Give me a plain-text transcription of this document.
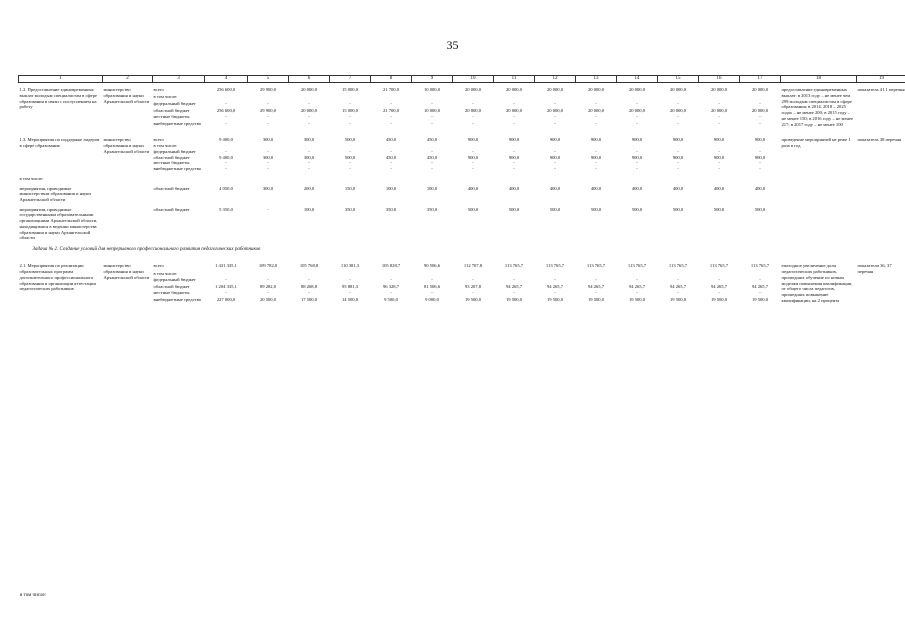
35
1	2	3	4	5	6	7	8	9	10	11	12	13	14	15	16	17	18	19
1.2. Предоставление единовременных выплат молодым специалистам в сфере образования в связи с поступлением на работу	министерство образования и науки Архангельской области	всего	256 600,0	29 900,0	20 000,0	15 000,0	21 700,0	10 000,0	20 000,0	20 000,0	20 000,0	20 000,0	20 000,0	20 000,0	20 000,0	20 000,0	предоставление единовременных выплат: в 2013 году – не менее чем 299 молодым специалистам в сфере образования; в 2014, 2018 – 2025 годах – не менее 200; в 2015 году – не менее 150; в 2016 году – не менее 217; в 2017 году – не менее 100	показатель 41.1 перечня
		в том числе:																
		федеральный бюджет	-	-	-	-	-	-	-	-	-	-	-	-	-	-		
		областной бюджет	256 600,0	29 900,0	20 000,0	15 000,0	21 700,0	10 000,0	20 000,0	20 000,0	20 000,0	20 000,0	20 000,0	20 000,0	20 000,0	20 000,0		
		местные бюджеты	-	-	-	-	-	-	-	-	-	-	-	-	-	-		
		внебюджетные средства	-	-	-	-	-	-	-	-	-	-	-	-	-	-		

1.3. Мероприятия по поддержке лидеров в сфере образования	министерство образования и науки Архангельской области	всего	9 400,0	300,0	300,0	500,0	450,0	450,0	900,0	900,0	900,0	900,0	900,0	900,0	900,0	900,0	проведение мероприятий не реже 1 раза в год	показатель 38 перечня
		в том числе:																
		федеральный бюджет	-	-	-	-	-	-	-	-	-	-	-	-	-	-		
		областной бюджет	9 400,0	300,0	300,0	500,0	450,0	450,0	900,0	900,0	900,0	900,0	900,0	900,0	900,0	900,0		
		местные бюджеты	-	-	-	-	-	-	-	-	-	-	-	-	-	-		
		внебюджетные средства	-	-	-	-	-	-	-	-	-	-	-	-	-	-		
в том числе:																		
мероприятия, проводимые министерством образования и науки Архангельской области		областной бюджет	4 050,0	300,0	200,0	150,0	100,0	100,0	400,0	400,0	400,0	400,0	400,0	400,0	400,0	400,0		
мероприятия, проводимые государственными образовательными организациями Архангельской области, находящимися в ведении министерства образования и науки Архангельской области		областной бюджет	5 350,0	-	100,0	350,0	350,0	350,0	500,0	500,0	500,0	500,0	500,0	500,0	500,0	500,0		
Задача № 2. Создание условий для непрерывного профессионального развития педагогических работников																		
2.1. Мероприятия по реализации образовательных программ дополнительного профессионального образования и организации аттестации педагогических работников	министерство образования и науки Архангельской области	всего	1 431 335,1	109 782,0	105 768,8	110 381,3	105 828,7	90 506,6	112 707,8	113 765,7	113 765,7	113 765,7	113 765,7	113 765,7	113 765,7	113 765,7	ежегодное увеличение доли педагогических работников, прошедших обучение по новым моделям повышения квалификации, от общего числа педагогов, прошедших повышение квалификации, на 2 процента	показатели 36, 37 перечня
		в том числе:																
		федеральный бюджет	-	-	-	-	-	-	-	-	-	-	-	-	-	-		
		областной бюджет	1 204 335,1	89 282,0	88 268,8	95 881,3	96 328,7	81 506,6	93 207,8	94 265,7	94 265,7	94 265,7	94 265,7	94 265,7	94 265,7	94 265,7		
		местные бюджеты	-	-	-	-	-	-	-	-	-	-	-	-	-	-		
		внебюджетные средства	227 000,0	20 500,0	17 500,0	14 500,0	9 500,0	9 000,0	19 500,0	19 500,0	19 500,0	19 500,0	19 500,0	19 500,0	19 500,0	19 500,0		
в том числе:
